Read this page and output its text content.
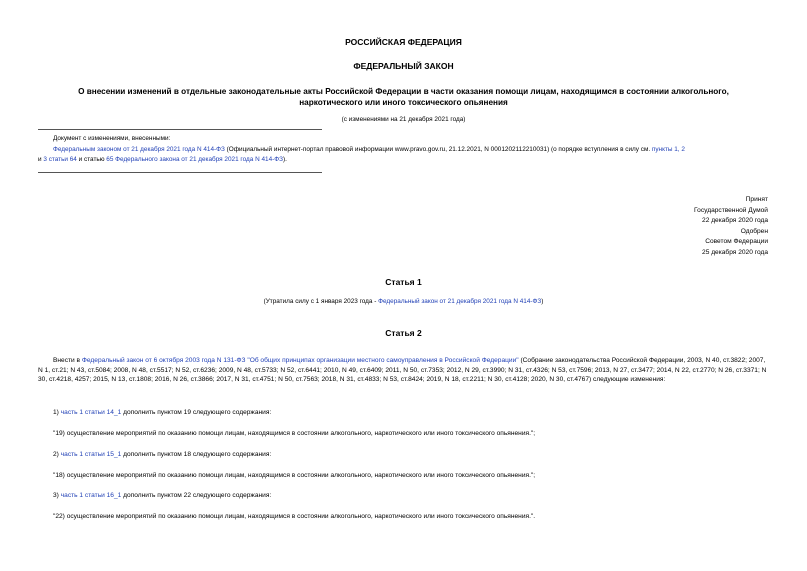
РОССИЙСКАЯ ФЕДЕРАЦИЯ
ФЕДЕРАЛЬНЫЙ ЗАКОН
О внесении изменений в отдельные законодательные акты Российской Федерации в части оказания помощи лицам, находящимся в состоянии алкогольного,
наркотического или иного токсического опьянения
(с изменениями на 21 декабря 2021 года)
Документ с изменениями, внесенными:
Федеральным законом от 21 декабря 2021 года N 414-ФЗ (Официальный интернет-портал правовой информации www.pravo.gov.ru, 21.12.2021, N 0001202112210031) (о порядке вступления в силу см. пункты 1, 2
и 3 статьи 64 и статью 65 Федерального закона от 21 декабря 2021 года N 414-ФЗ).
Принят
Государственной Думой
22 декабря 2020 года
Одобрен
Советом Федерации
25 декабря 2020 года
Статья 1
(Утратила силу с 1 января 2023 года - Федеральный закон от 21 декабря 2021 года N 414-ФЗ)
Статья 2
Внести в Федеральный закон от 6 октября 2003 года N 131-ФЗ "Об общих принципах организации местного самоуправления в Российской Федерации" (Собрание законодательства Российской Федерации, 2003, N 40, ст.3822; 2007, N 1, ст.21; N 43, ст.5084; 2008, N 48, ст.5517; N 52, ст.6236; 2009, N 48, ст.5733; N 52, ст.6441; 2010, N 49, ст.6409; 2011, N 50, ст.7353; 2012, N 29, ст.3990; N 31, ст.4326; N 53, ст.7596; 2013, N 27, ст.3477; 2014, N 22, ст.2770; N 26, ст.3371; N 30, ст.4218, 4257; 2015, N 13, ст.1808; 2016, N 26, ст.3866; 2017, N 31, ст.4751; N 50, ст.7563; 2018, N 31, ст.4833; N 53, ст.8424; 2019, N 18, ст.2211; N 30, ст.4128; 2020, N 30, ст.4767) следующие изменения:
1) часть 1 статьи 14_1 дополнить пунктом 19 следующего содержания:
"19) осуществление мероприятий по оказанию помощи лицам, находящимся в состоянии алкогольного, наркотического или иного токсического опьянения.";
2) часть 1 статьи 15_1 дополнить пунктом 18 следующего содержания:
"18) осуществление мероприятий по оказанию помощи лицам, находящимся в состоянии алкогольного, наркотического или иного токсического опьянения.";
3) часть 1 статьи 16_1 дополнить пунктом 22 следующего содержания:
"22) осуществление мероприятий по оказанию помощи лицам, находящимся в состоянии алкогольного, наркотического или иного токсического опьянения.".
